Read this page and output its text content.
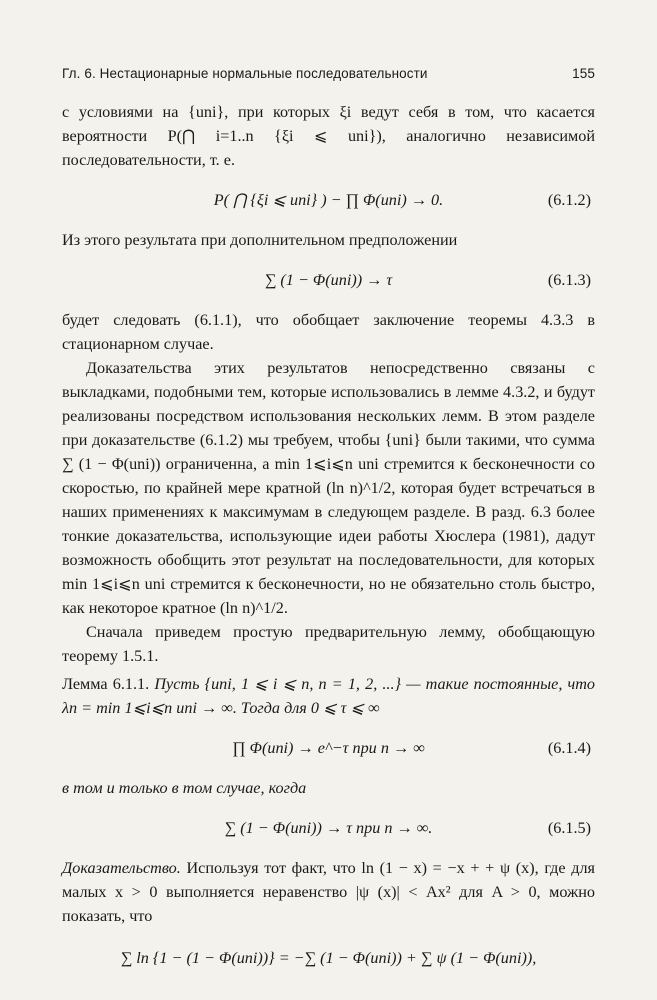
Гл. 6. Нестационарные нормальные последовательности	155

с условиями на {uni}, при которых ξi ведут себя в том, что касается вероятности P(⋂ i=1..n {ξi ⩽ uni}), аналогично независимой последовательности, т. е.

P( ⋂ {ξi ⩽ uni} ) − ∏ Φ(uni) → 0.	(6.1.2)

Из этого результата при дополнительном предположении

∑ (1 − Φ(uni)) → τ	(6.1.3)

будет следовать (6.1.1), что обобщает заключение теоремы 4.3.3 в стационарном случае.

Доказательства этих результатов непосредственно связаны с выкладками, подобными тем, которые использовались в лемме 4.3.2, и будут реализованы посредством использования нескольких лемм. В этом разделе при доказательстве (6.1.2) мы требуем, чтобы {uni} были такими, что сумма ∑ (1 − Φ(uni)) ограниченна, а min 1⩽i⩽n uni стремится к бесконечности со скоростью, по крайней мере кратной (ln n)^1/2, которая будет встречаться в наших применениях к максимумам в следующем разделе. В разд. 6.3 более тонкие доказательства, использующие идеи работы Хюслера (1981), дадут возможность обобщить этот результат на последовательности, для которых min 1⩽i⩽n uni стремится к бесконечности, но не обязательно столь быстро, как некоторое кратное (ln n)^1/2.

Сначала приведем простую предварительную лемму, обобщающую теорему 1.5.1.

Лемма 6.1.1. Пусть {uni, 1 ⩽ i ⩽ n, n = 1, 2, ...} — такие постоянные, что λn = min 1⩽i⩽n uni → ∞. Тогда для 0 ⩽ τ ⩽ ∞

∏ Φ(uni) → e^−τ при n → ∞	(6.1.4)

в том и только в том случае, когда

∑ (1 − Φ(uni)) → τ при n → ∞.	(6.1.5)

Доказательство. Используя тот факт, что ln (1 − x) = −x + + ψ (x), где для малых x > 0 выполняется неравенство |ψ (x)| < Ax² для A > 0, можно показать, что

∑ ln {1 − (1 − Φ(uni))} = −∑ (1 − Φ(uni)) + ∑ ψ (1 − Φ(uni)),
